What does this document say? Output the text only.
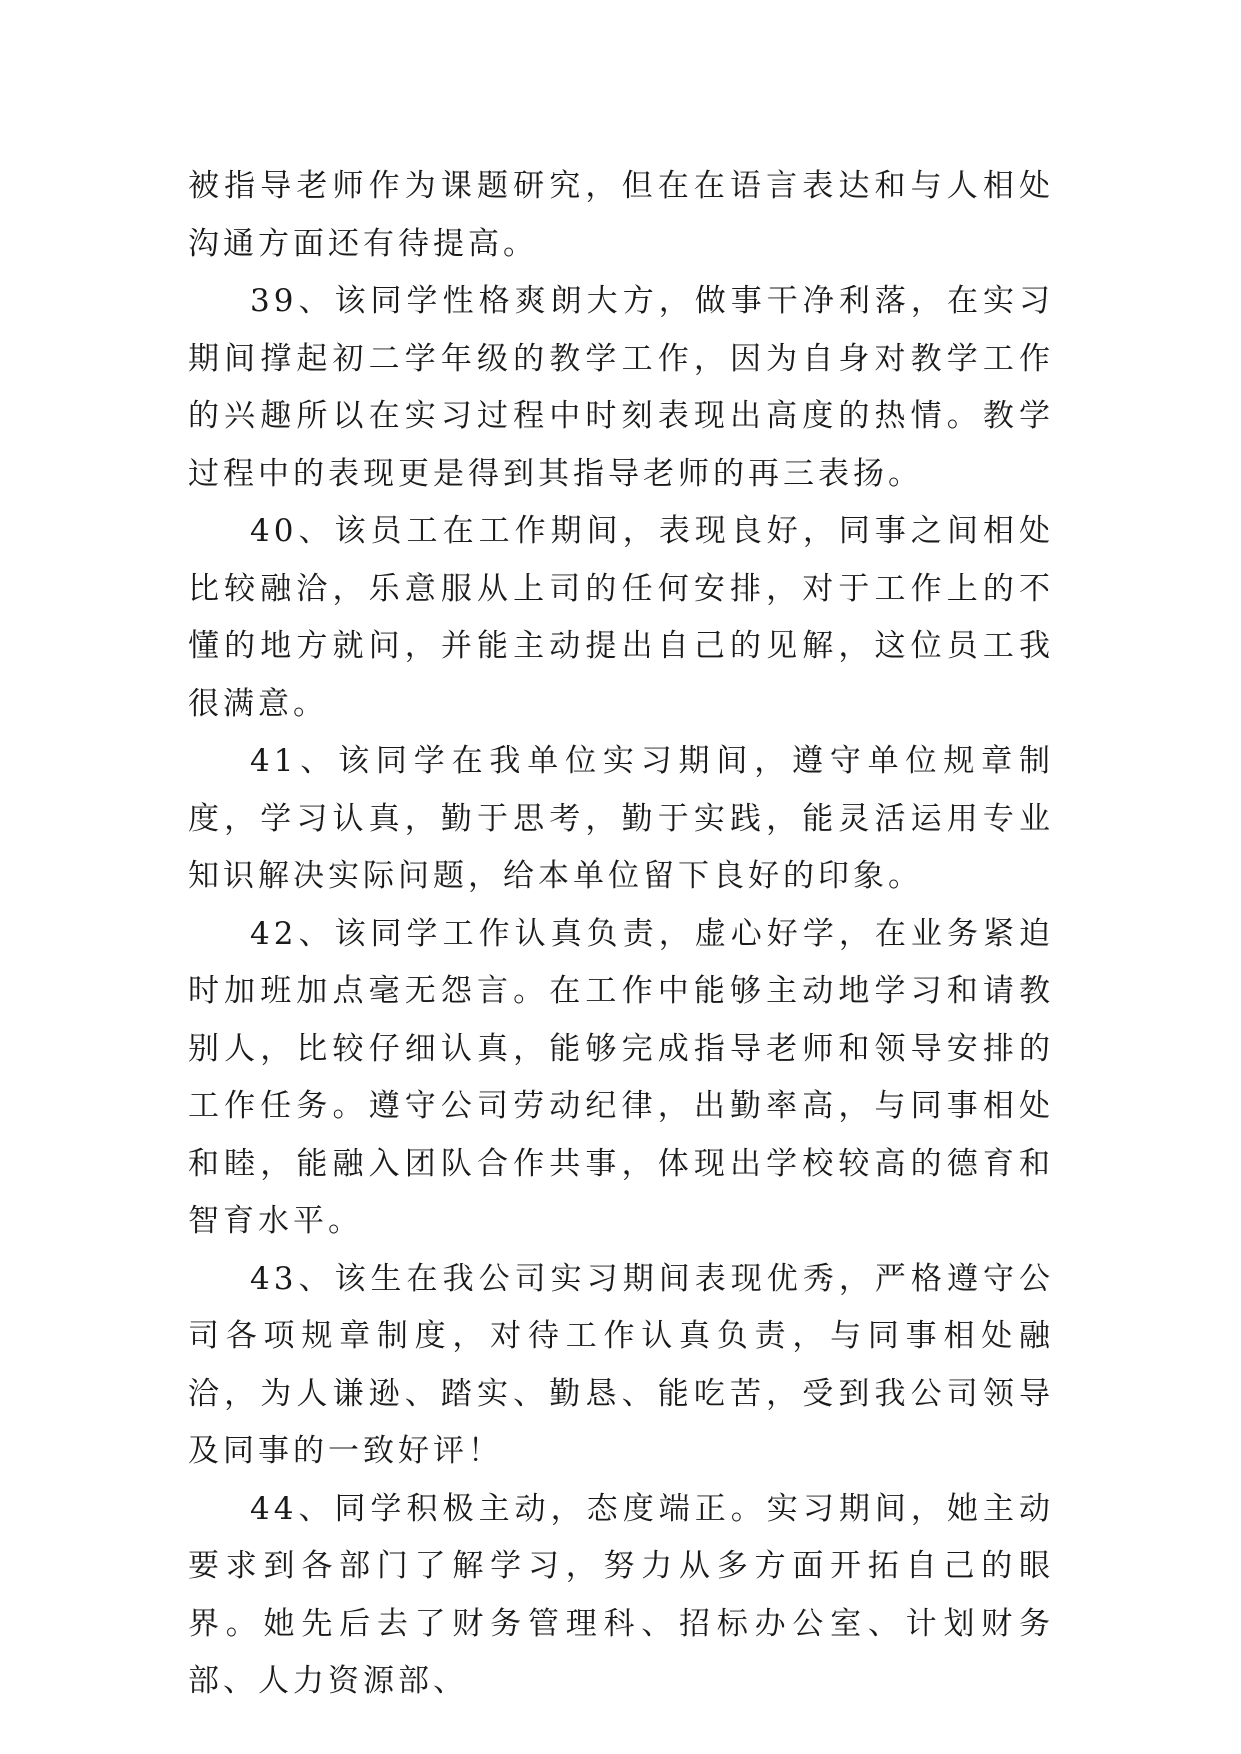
被指导老师作为课题研究，但在在语言表达和与人相处沟通方面还有待提高。

39、该同学性格爽朗大方，做事干净利落，在实习期间撑起初二学年级的教学工作，因为自身对教学工作的兴趣所以在实习过程中时刻表现出高度的热情。教学过程中的表现更是得到其指导老师的再三表扬。

40、该员工在工作期间，表现良好，同事之间相处比较融洽，乐意服从上司的任何安排，对于工作上的不懂的地方就问，并能主动提出自己的见解，这位员工我很满意。

41、该同学在我单位实习期间，遵守单位规章制度，学习认真，勤于思考，勤于实践，能灵活运用专业知识解决实际问题，给本单位留下良好的印象。

42、该同学工作认真负责，虚心好学，在业务紧迫时加班加点毫无怨言。在工作中能够主动地学习和请教别人，比较仔细认真，能够完成指导老师和领导安排的工作任务。遵守公司劳动纪律，出勤率高，与同事相处和睦，能融入团队合作共事，体现出学校较高的德育和智育水平。

43、该生在我公司实习期间表现优秀，严格遵守公司各项规章制度，对待工作认真负责，与同事相处融洽，为人谦逊、踏实、勤恳、能吃苦，受到我公司领导及同事的一致好评！

44、同学积极主动，态度端正。实习期间，她主动要求到各部门了解学习，努力从多方面开拓自己的眼界。她先后去了财务管理科、招标办公室、计划财务部、人力资源部、
